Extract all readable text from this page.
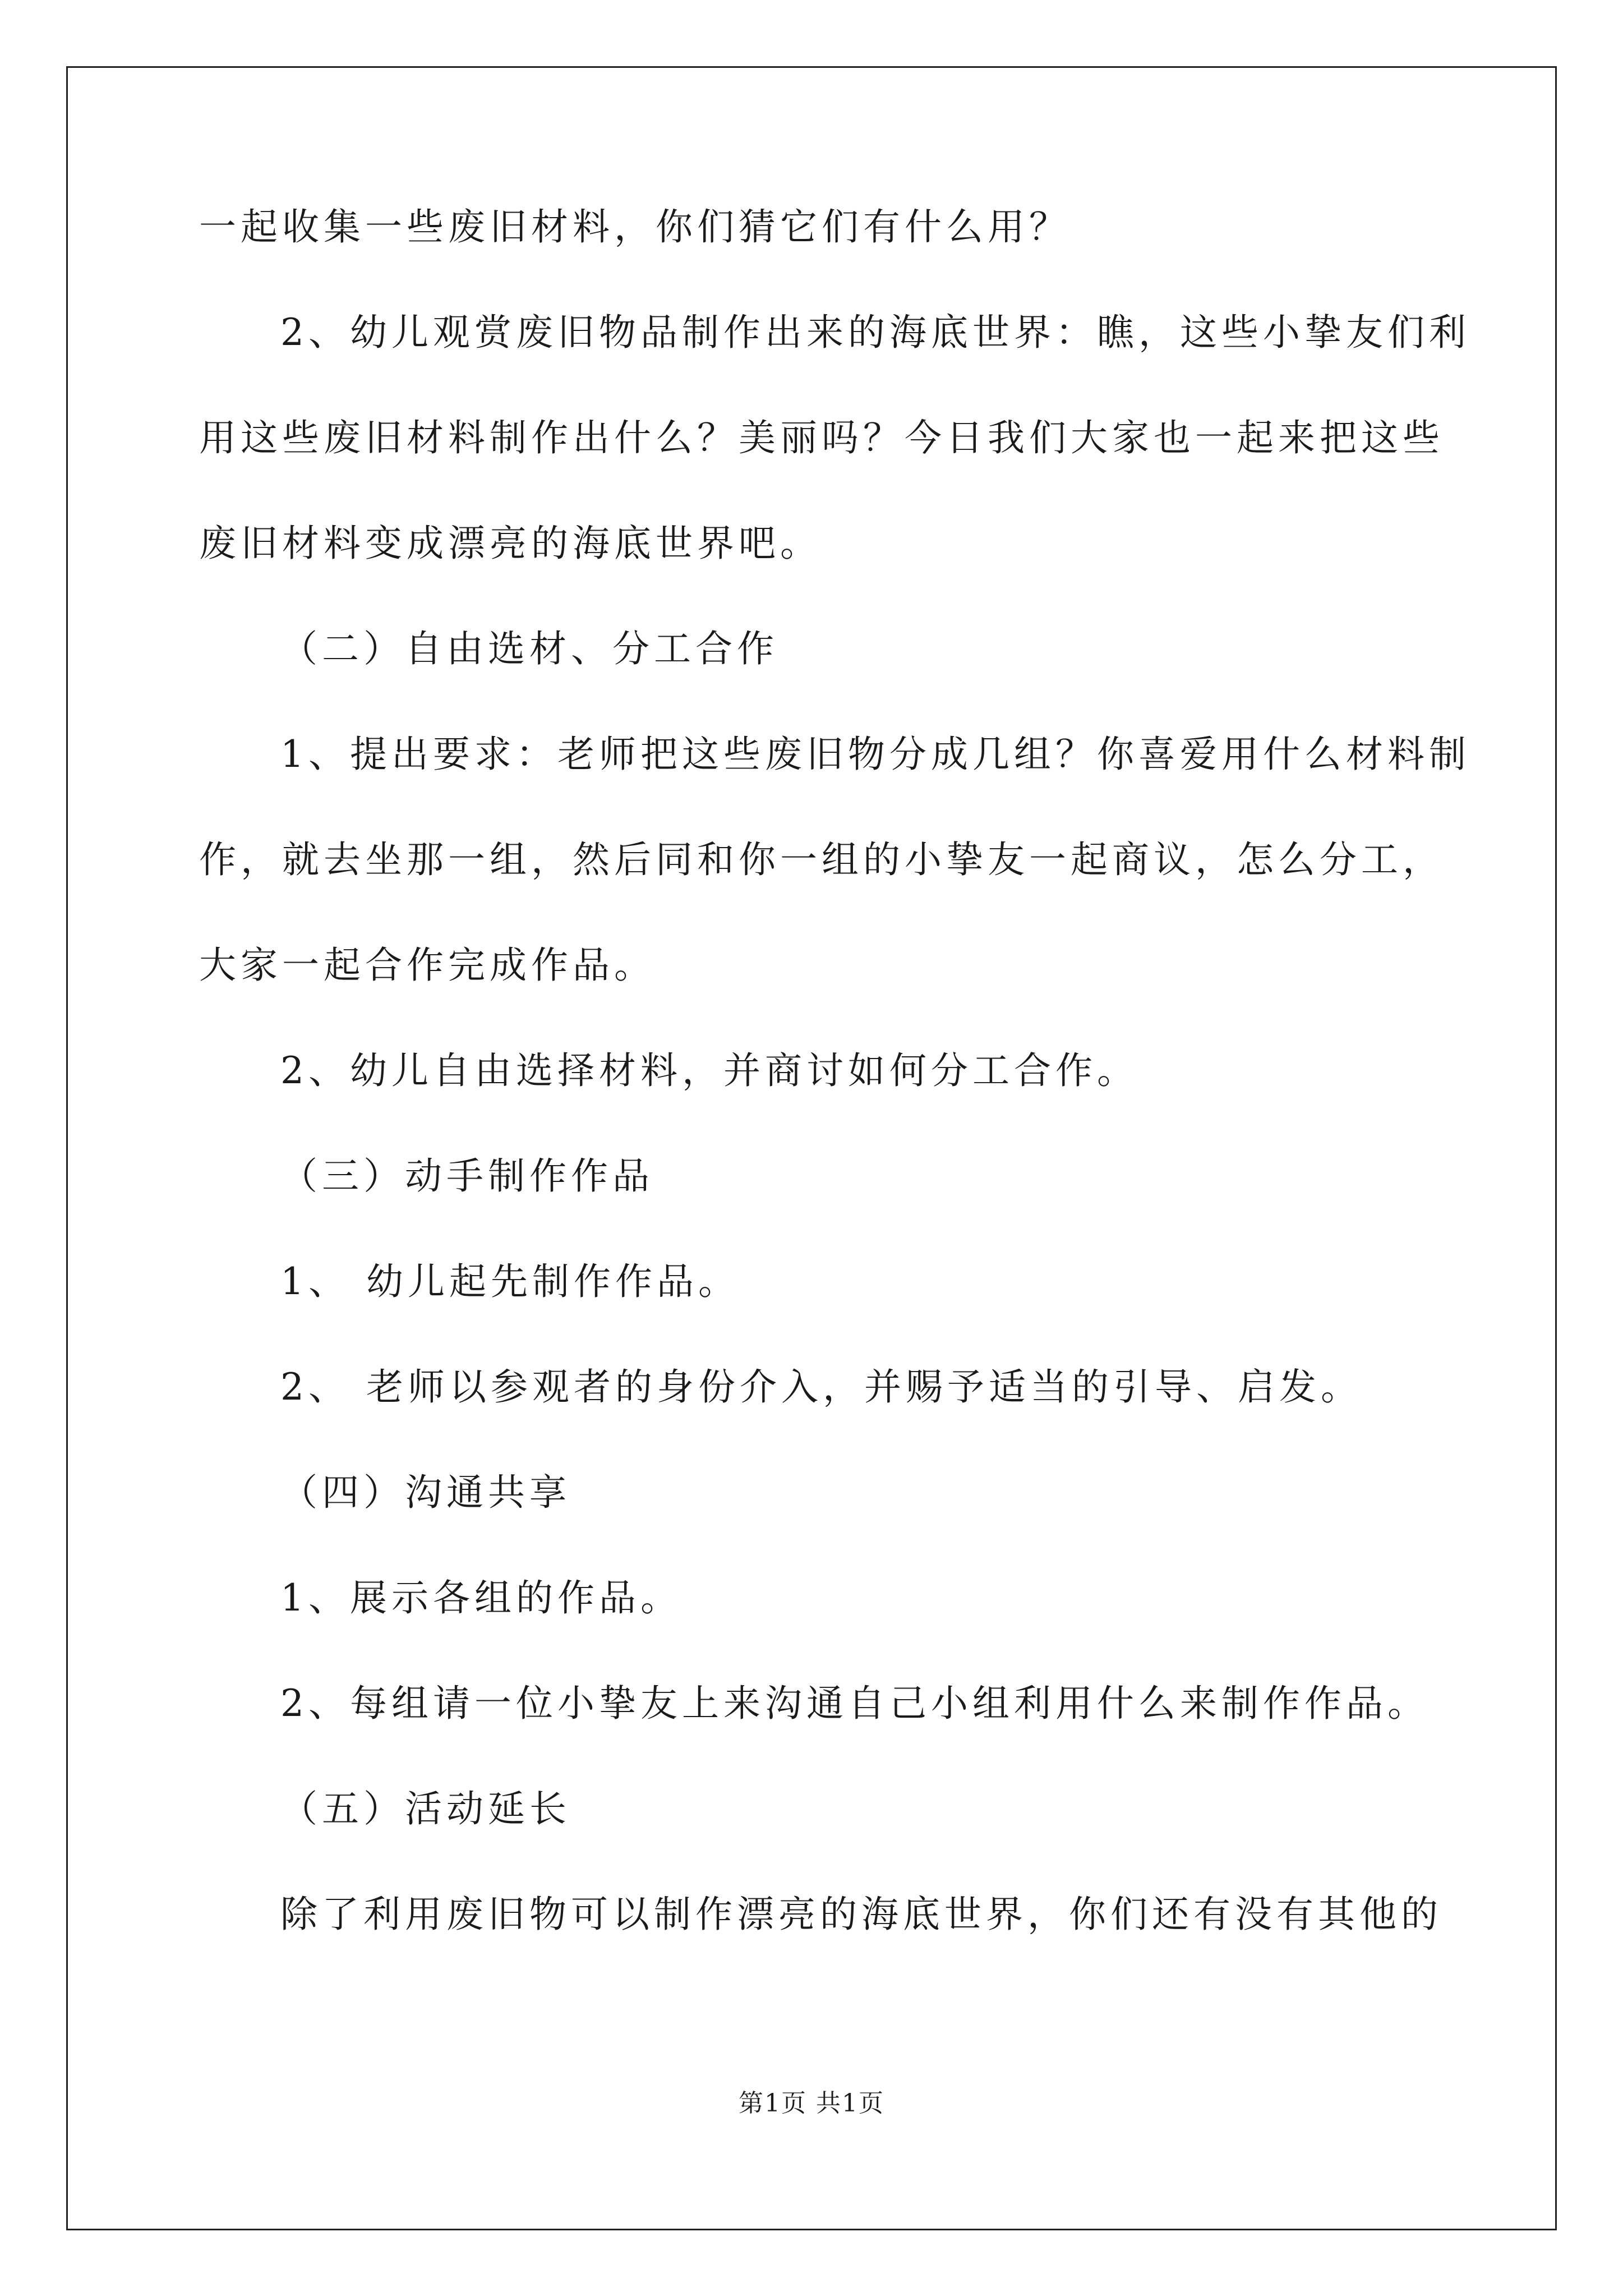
一起收集一些废旧材料，你们猜它们有什么用？

2、幼儿观赏废旧物品制作出来的海底世界：瞧，这些小挚友们利

用这些废旧材料制作出什么？美丽吗？今日我们大家也一起来把这些

废旧材料变成漂亮的海底世界吧。

（二）自由选材、分工合作

1、提出要求：老师把这些废旧物分成几组？你喜爱用什么材料制

作，就去坐那一组，然后同和你一组的小挚友一起商议，怎么分工，

大家一起合作完成作品。

2、幼儿自由选择材料，并商讨如何分工合作。

（三）动手制作作品

1、 幼儿起先制作作品。

2、 老师以参观者的身份介入，并赐予适当的引导、启发。

（四）沟通共享

1、展示各组的作品。

2、每组请一位小挚友上来沟通自己小组利用什么来制作作品。

（五）活动延长

除了利用废旧物可以制作漂亮的海底世界，你们还有没有其他的

第1页 共1页
